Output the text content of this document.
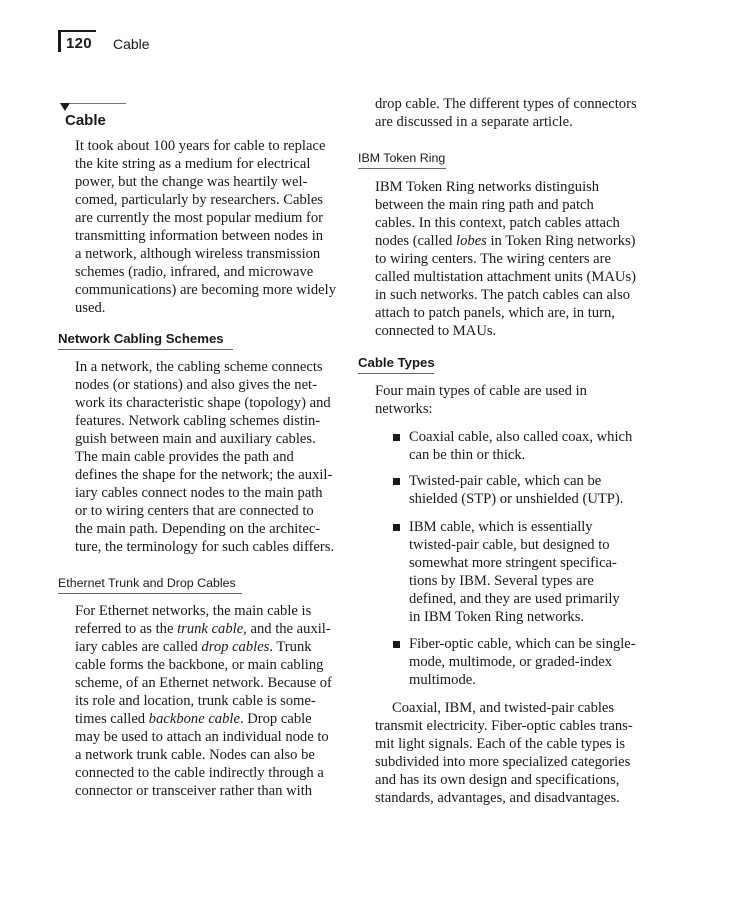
120 Cable
Cable

It took about 100 years for cable to replace
the kite string as a medium for electrical
power, but the change was heartily wel-
comed, particularly by researchers. Cables
are currently the most popular medium for
transmitting information between nodes in
a network, although wireless transmission
schemes (radio, infrared, and microwave
communications) are becoming more widely
used.

Network Cabling Schemes

In a network, the cabling scheme connects
nodes (or stations) and also gives the net-
work its characteristic shape (topology) and
features. Network cabling schemes distin-
guish between main and auxiliary cables.
The main cable provides the path and
defines the shape for the network; the auxil-
iary cables connect nodes to the main path
or to wiring centers that are connected to
the main path. Depending on the architec-
ture, the terminology for such cables differs.

Ethernet Trunk and Drop Cables

For Ethernet networks, the main cable is
referred to as the trunk cable, and the auxil-
iary cables are called drop cables. Trunk
cable forms the backbone, or main cabling
scheme, of an Ethernet network. Because of
its role and location, trunk cable is some-
times called backbone cable. Drop cable
may be used to attach an individual node to
a network trunk cable. Nodes can also be
connected to the cable indirectly through a
connector or transceiver rather than with

drop cable. The different types of connectors
are discussed in a separate article.

IBM Token Ring

IBM Token Ring networks distinguish
between the main ring path and patch
cables. In this context, patch cables attach
nodes (called lobes in Token Ring networks)
to wiring centers. The wiring centers are
called multistation attachment units (MAUs)
in such networks. The patch cables can also
attach to patch panels, which are, in turn,
connected to MAUs.

Cable Types

Four main types of cable are used in
networks:

Coaxial cable, also called coax, which
can be thin or thick.
Twisted-pair cable, which can be
shielded (STP) or unshielded (UTP).
IBM cable, which is essentially
twisted-pair cable, but designed to
somewhat more stringent specifica-
tions by IBM. Several types are
defined, and they are used primarily
in IBM Token Ring networks.
Fiber-optic cable, which can be single-
mode, multimode, or graded-index
multimode.

Coaxial, IBM, and twisted-pair cables
transmit electricity. Fiber-optic cables trans-
mit light signals. Each of the cable types is
subdivided into more specialized categories
and has its own design and specifications,
standards, advantages, and disadvantages.
